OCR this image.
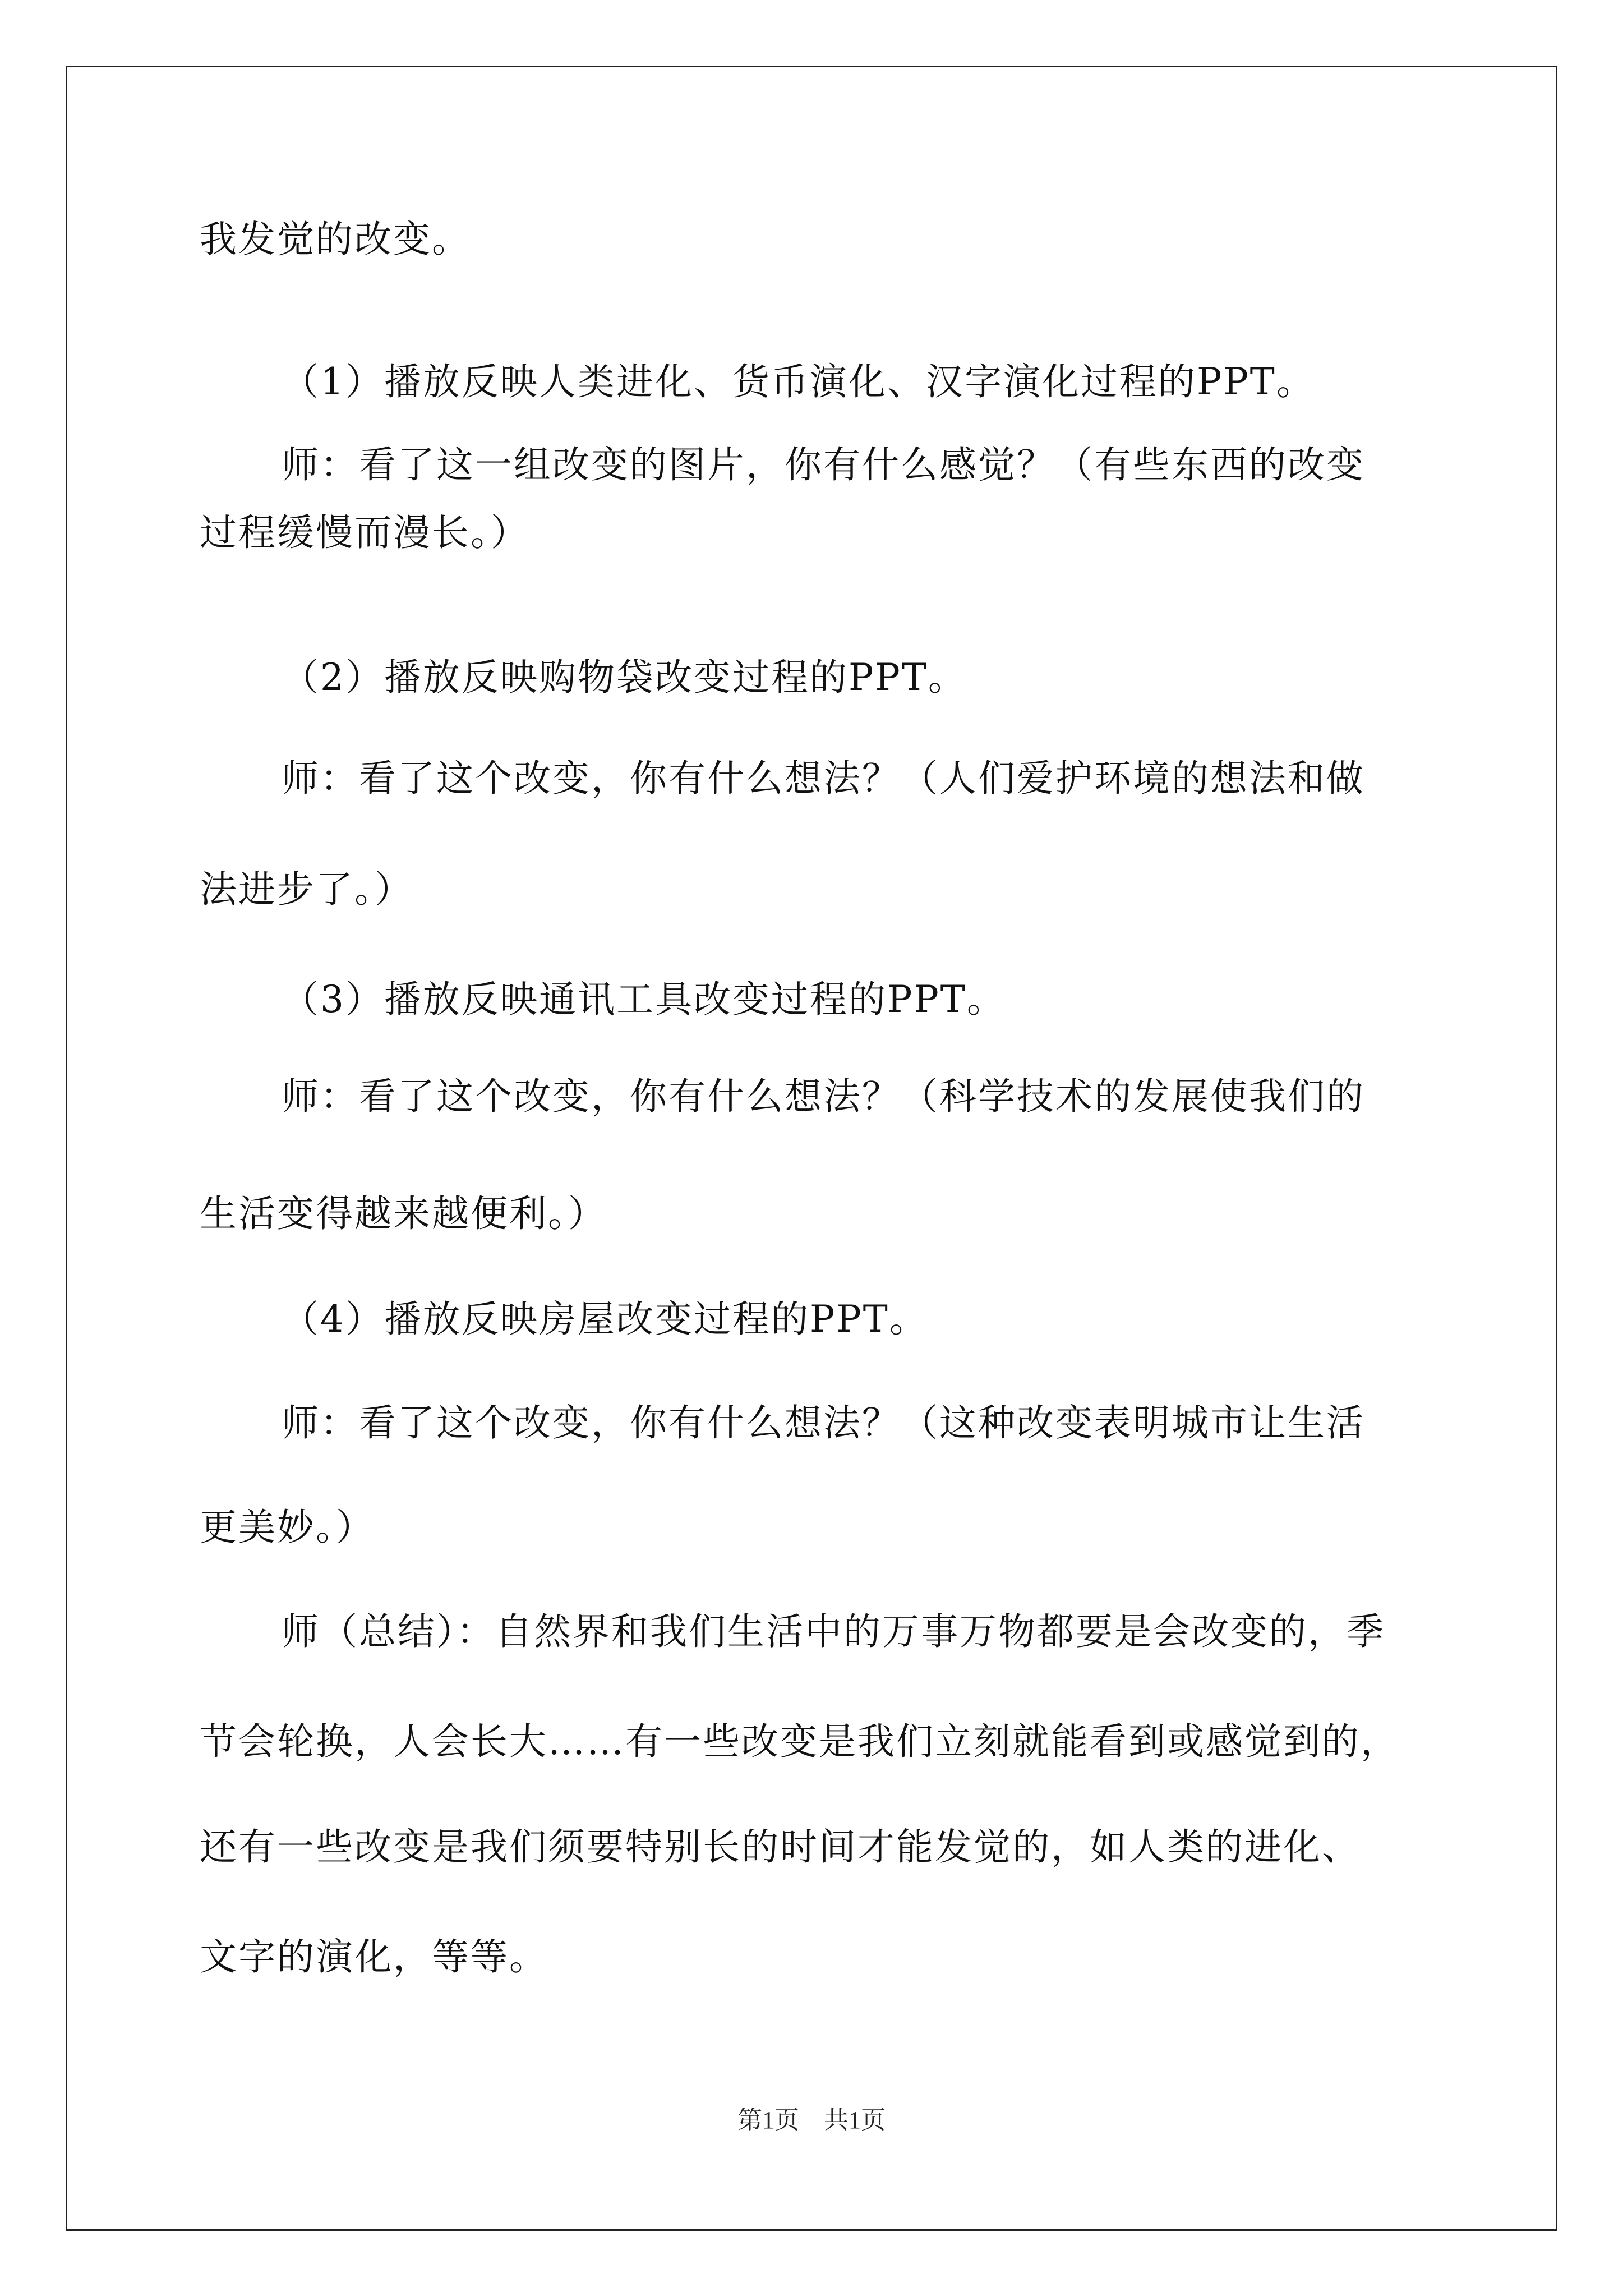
我发觉的改变。
（1）播放反映人类进化、货币演化、汉字演化过程的PPT。
师：看了这一组改变的图片，你有什么感觉？（有些东西的改变
过程缓慢而漫长。）
（2）播放反映购物袋改变过程的PPT。
师：看了这个改变，你有什么想法？（人们爱护环境的想法和做
法进步了。）
（3）播放反映通讯工具改变过程的PPT。
师：看了这个改变，你有什么想法？（科学技术的发展使我们的
生活变得越来越便利。）
（4）播放反映房屋改变过程的PPT。
师：看了这个改变，你有什么想法？（这种改变表明城市让生活
更美妙。）
师（总结）：自然界和我们生活中的万事万物都要是会改变的，季
节会轮换，人会长大……有一些改变是我们立刻就能看到或感觉到的，
还有一些改变是我们须要特别长的时间才能发觉的，如人类的进化、
文字的演化，等等。
第1页　共1页
